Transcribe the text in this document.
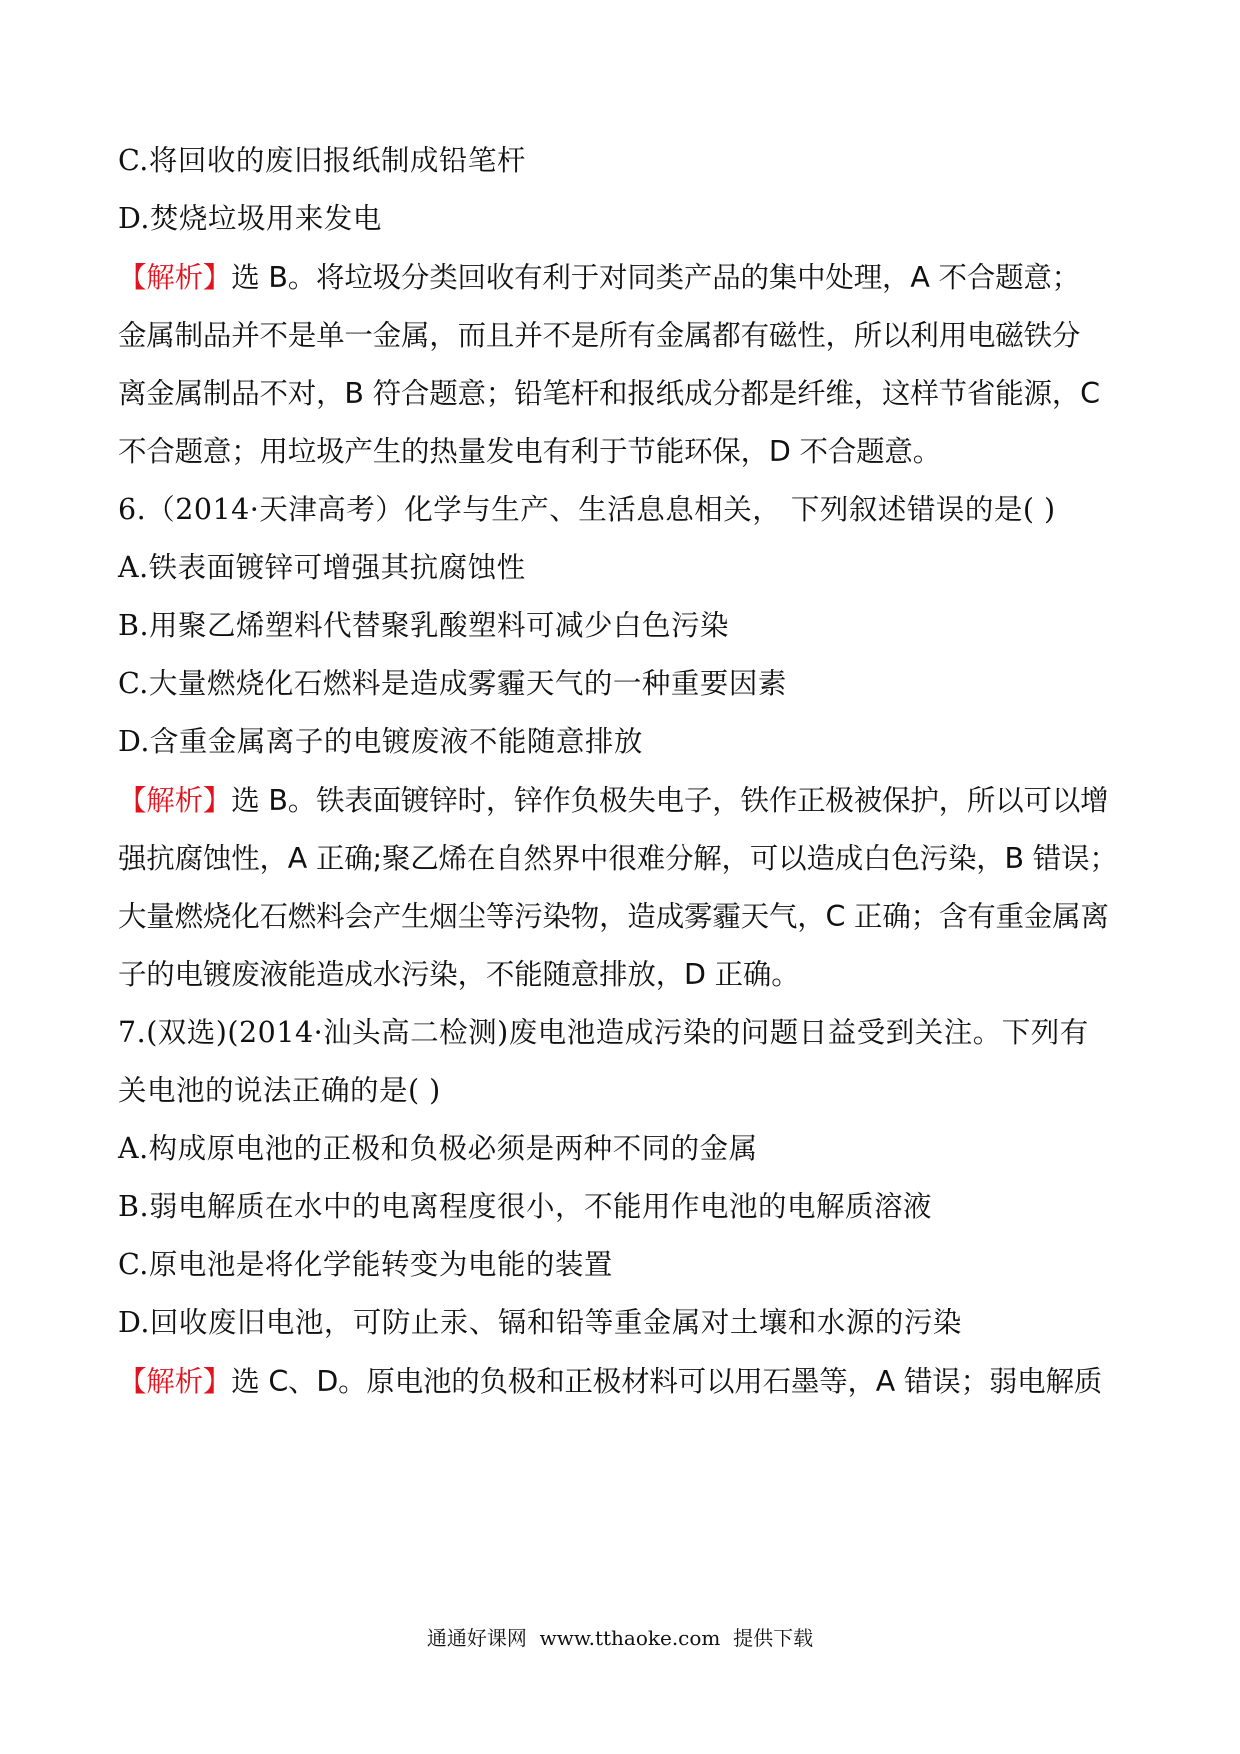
C.将回收的废旧报纸制成铅笔杆
D.焚烧垃圾用来发电
【解析】选 B。将垃圾分类回收有利于对同类产品的集中处理，A 不合题意；
金属制品并不是单一金属，而且并不是所有金属都有磁性，所以利用电磁铁分
离金属制品不对，B 符合题意；铅笔杆和报纸成分都是纤维，这样节省能源，C
不合题意；用垃圾产生的热量发电有利于节能环保，D 不合题意。
6.（2014·天津高考）化学与生产、生活息息相关， 下列叙述错误的是( )
A.铁表面镀锌可增强其抗腐蚀性
B.用聚乙烯塑料代替聚乳酸塑料可减少白色污染
C.大量燃烧化石燃料是造成雾霾天气的一种重要因素
D.含重金属离子的电镀废液不能随意排放
【解析】选 B。铁表面镀锌时，锌作负极失电子，铁作正极被保护，所以可以增
强抗腐蚀性，A 正确;聚乙烯在自然界中很难分解，可以造成白色污染，B 错误；
大量燃烧化石燃料会产生烟尘等污染物，造成雾霾天气，C 正确；含有重金属离
子的电镀废液能造成水污染，不能随意排放，D 正确。
7.(双选)(2014·汕头高二检测)废电池造成污染的问题日益受到关注。下列有
关电池的说法正确的是( )
A.构成原电池的正极和负极必须是两种不同的金属
B.弱电解质在水中的电离程度很小，不能用作电池的电解质溶液
C.原电池是将化学能转变为电能的装置
D.回收废旧电池，可防止汞、镉和铅等重金属对土壤和水源的污染
【解析】选 C、D。原电池的负极和正极材料可以用石墨等，A 错误；弱电解质
通通好课网  www.tthaoke.com  提供下载
